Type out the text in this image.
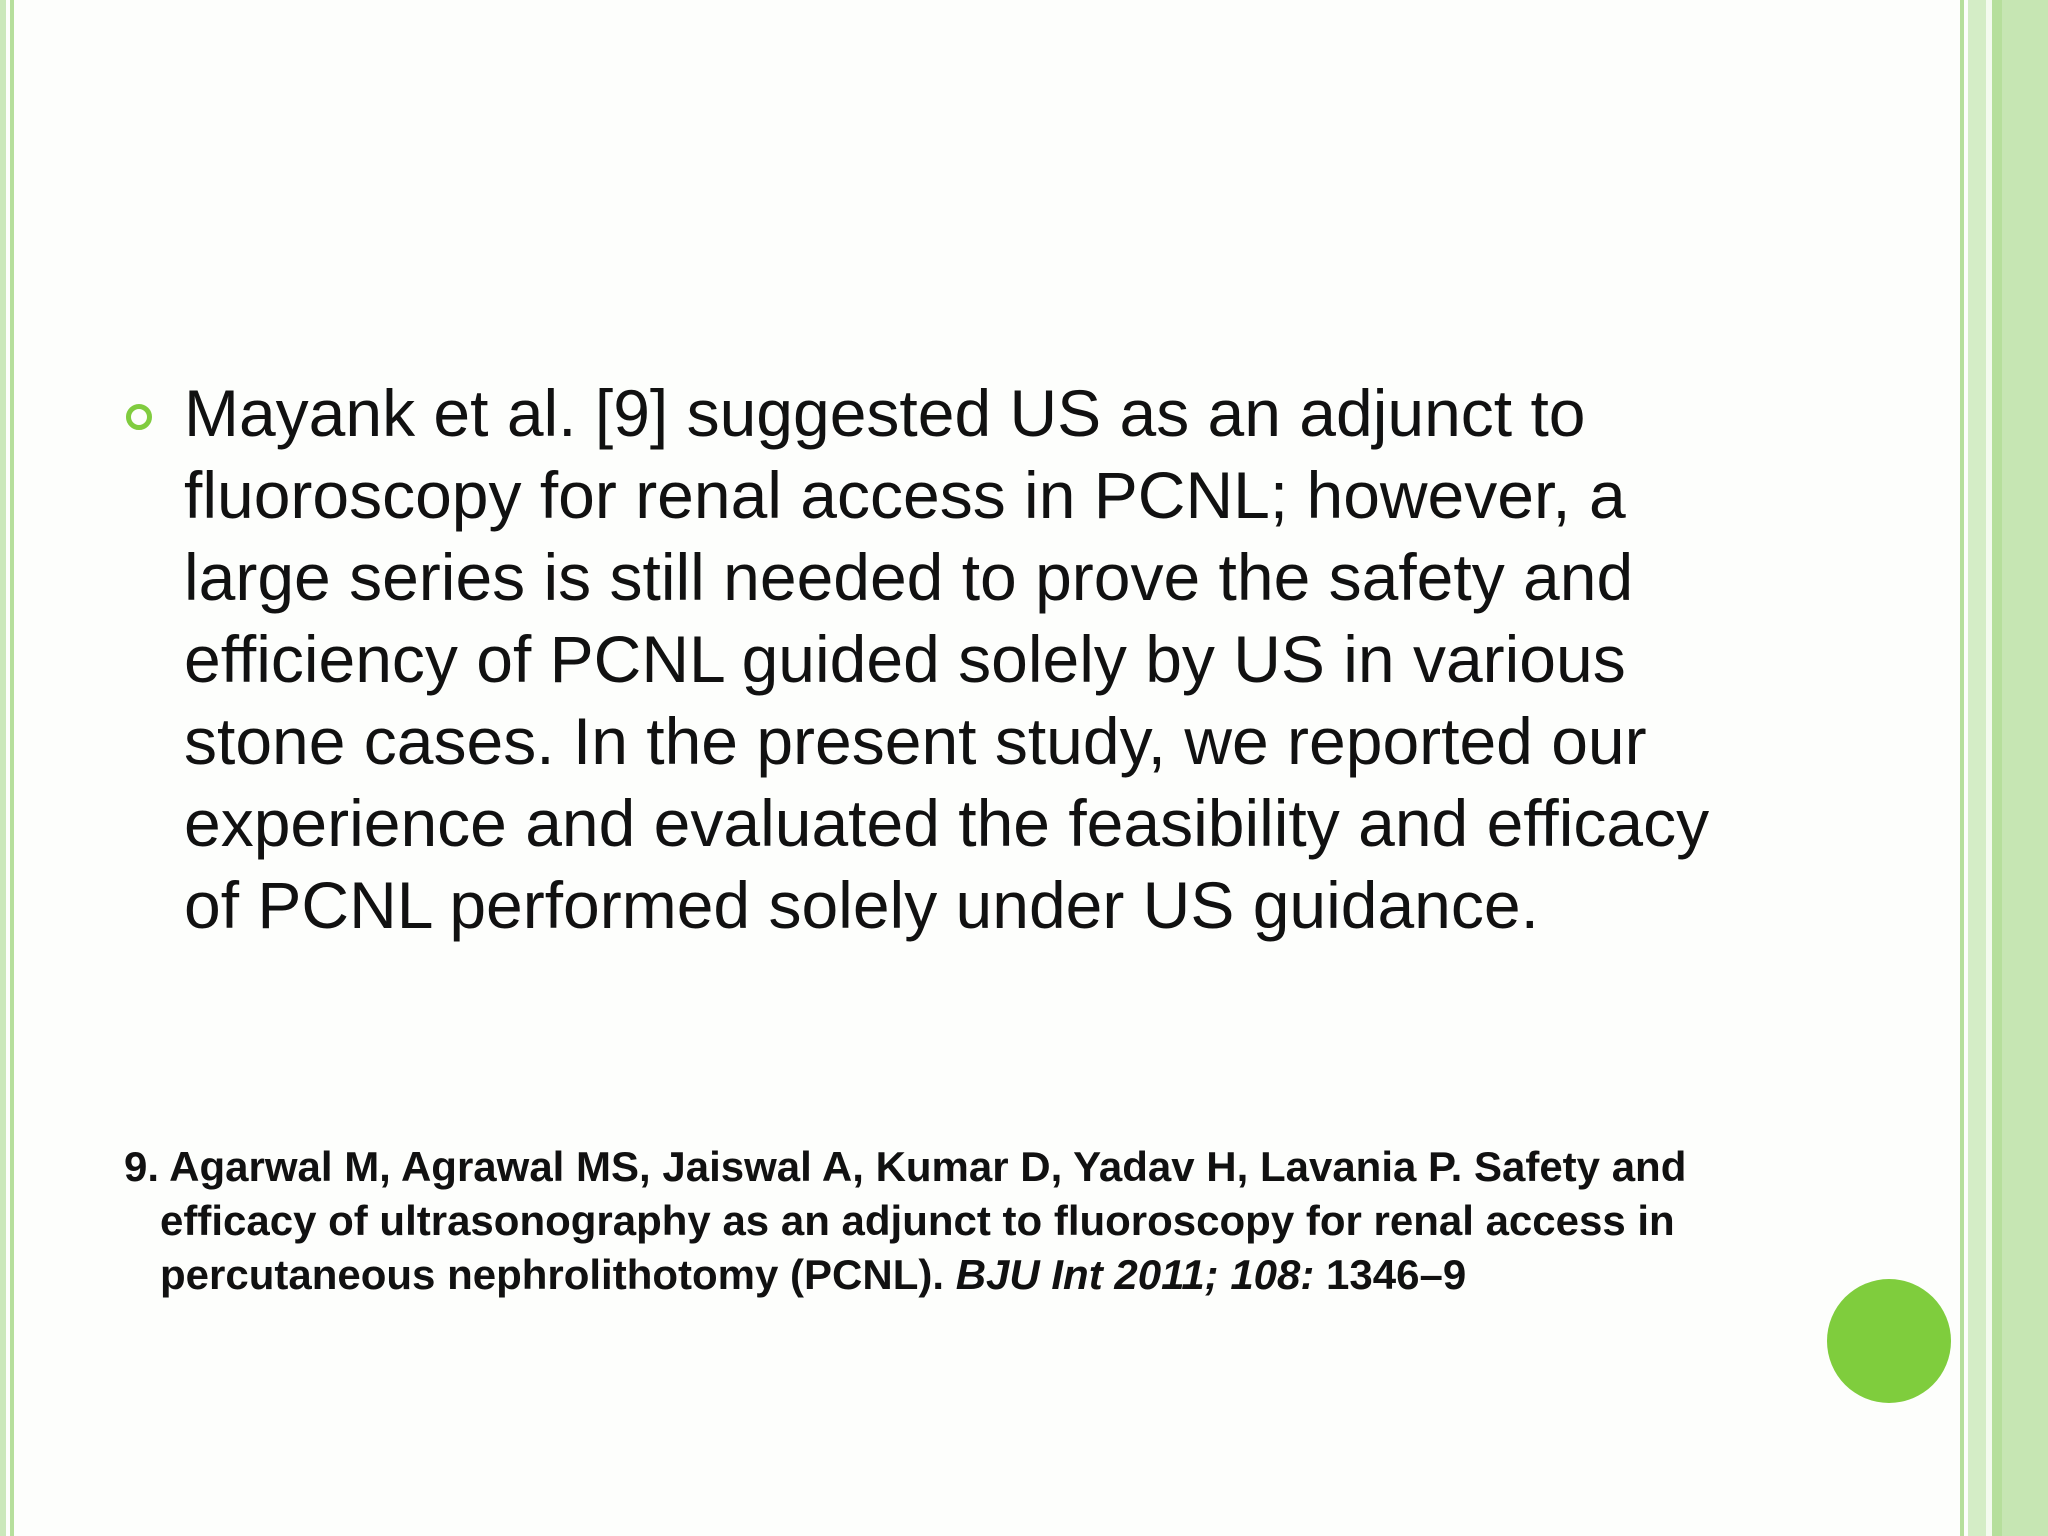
Mayank et al. [9] suggested US as an adjunct to fluoroscopy for renal access in PCNL; however, a large series is still needed to prove the safety and efficiency of PCNL guided solely by US in various stone cases. In the present study, we reported our experience and evaluated the feasibility and efficacy of PCNL performed solely under US guidance.

9. Agarwal M, Agrawal MS, Jaiswal A, Kumar D, Yadav H, Lavania P. Safety and efficacy of ultrasonography as an adjunct to fluoroscopy for renal access in percutaneous nephrolithotomy (PCNL). BJU Int 2011; 108: 1346–9
